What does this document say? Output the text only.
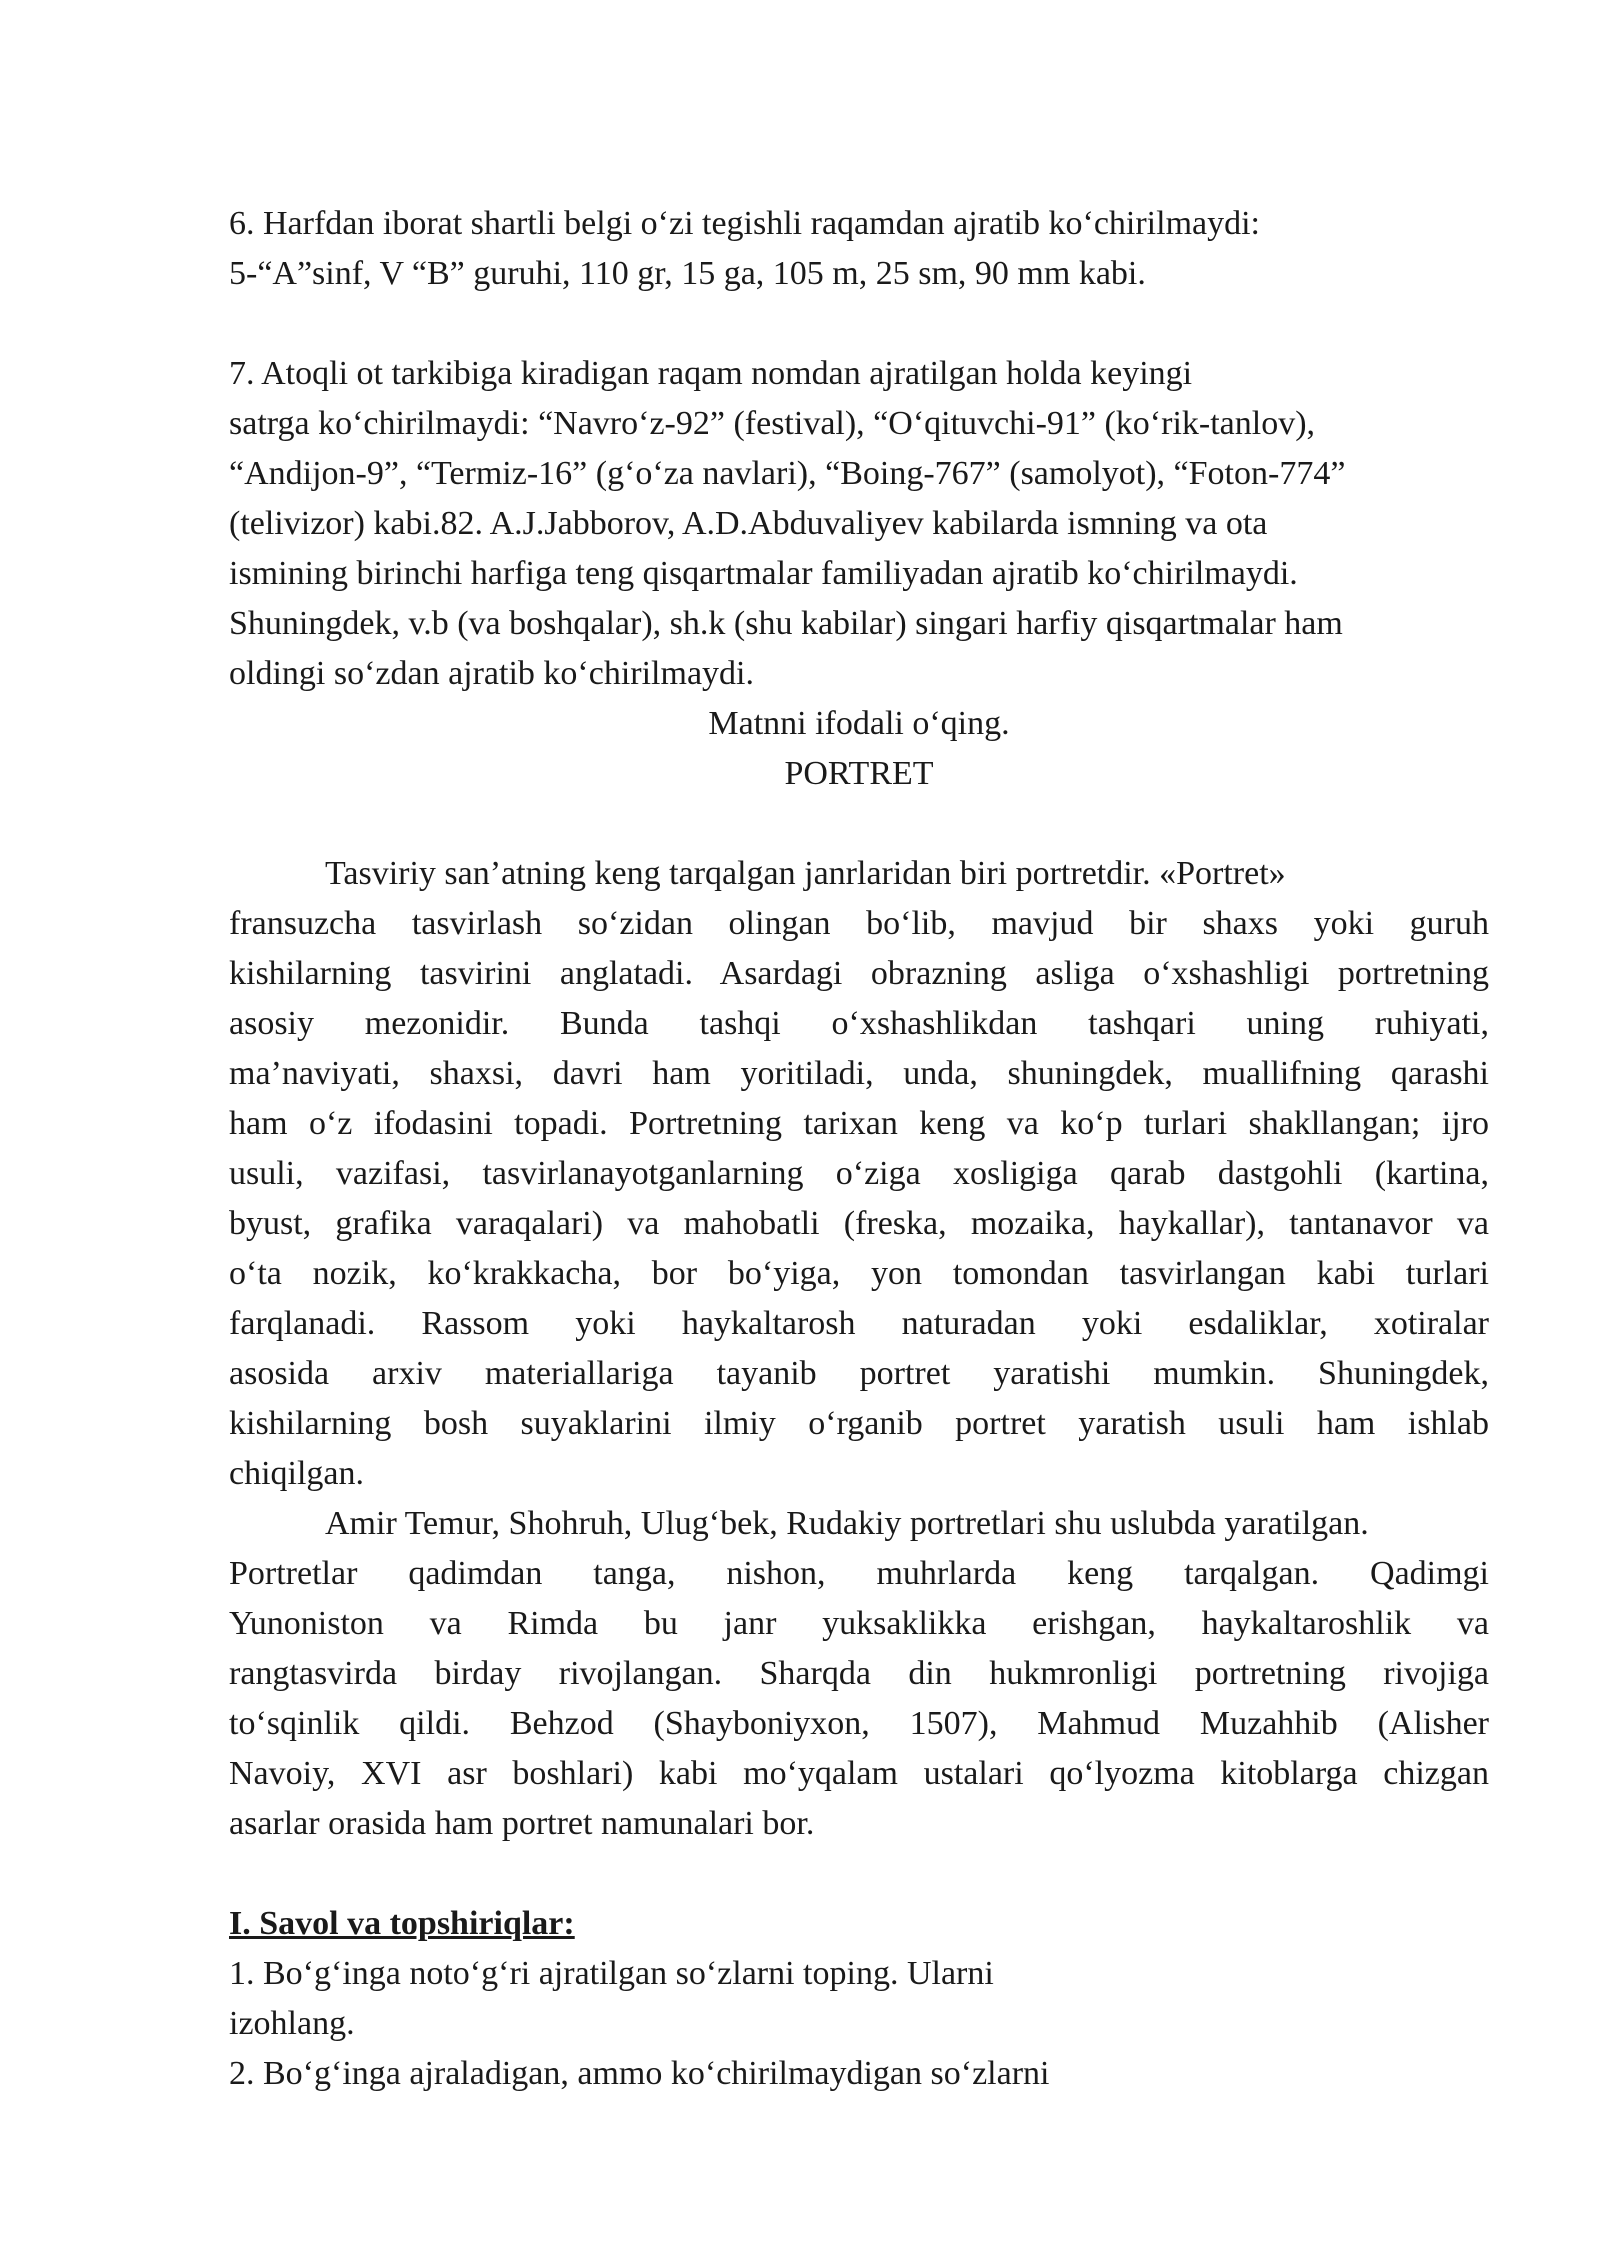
6. Harfdan iborat shartli belgi o‘zi tegishli raqamdan ajratib ko‘chirilmaydi:
5-“A”sinf, V “B” guruhi, 110 gr, 15 ga, 105 m, 25 sm, 90 mm kabi.
7. Atoqli ot tarkibiga kiradigan raqam nomdan ajratilgan holda keyingi
satrga ko‘chirilmaydi: “Navro‘z-92” (festival), “O‘qituvchi-91” (ko‘rik-tanlov),
“Andijon-9”, “Termiz-16” (g‘o‘za navlari), “Boing-767” (samolyot), “Foton-774”
(telivizor) kabi.82. A.J.Jabborov, A.D.Abduvaliyev kabilarda ismning va ota
ismining birinchi harfiga teng qisqartmalar familiyadan ajratib ko‘chirilmaydi.
Shuningdek, v.b (va boshqalar), sh.k (shu kabilar) singari harfiy qisqartmalar ham
oldingi so‘zdan ajratib ko‘chirilmaydi.
Matnni ifodali o‘qing.
PORTRET
Tasviriy san’atning keng tarqalgan janrlaridan biri portretdir. «Portret»
fransuzcha tasvirlash so‘zidan olingan bo‘lib, mavjud bir shaxs yoki guruh
kishilarning tasvirini anglatadi. Asardagi obrazning asliga o‘xshashligi portretning
asosiy mezonidir. Bunda tashqi o‘xshashlikdan tashqari uning ruhiyati,
ma’naviyati, shaxsi, davri ham yoritiladi, unda, shuningdek, muallifning qarashi
ham o‘z ifodasini topadi. Portretning tarixan keng va ko‘p turlari shakllangan; ijro
usuli, vazifasi, tasvirlanayotganlarning o‘ziga xosligiga qarab dastgohli (kartina,
byust, grafika varaqalari) va mahobatli (freska, mozaika, haykallar), tantanavor va
o‘ta nozik, ko‘krakkacha, bor bo‘yiga, yon tomondan tasvirlangan kabi turlari
farqlanadi. Rassom yoki haykaltarosh naturadan yoki esdaliklar, xotiralar
asosida arxiv materiallariga tayanib portret yaratishi mumkin. Shuningdek,
kishilarning bosh suyaklarini ilmiy o‘rganib portret yaratish usuli ham ishlab
chiqilgan.
Amir Temur, Shohruh, Ulug‘bek, Rudakiy portretlari shu uslubda yaratilgan.
Portretlar qadimdan tanga, nishon, muhrlarda keng tarqalgan. Qadimgi
Yunoniston va Rimda bu janr yuksaklikka erishgan, haykaltaroshlik va
rangtasvirda birday rivojlangan. Sharqda din hukmronligi portretning rivojiga
to‘sqinlik qildi. Behzod (Shayboniyxon, 1507), Mahmud Muzahhib (Alisher
Navoiy, XVI asr boshlari) kabi mo‘yqalam ustalari qo‘lyozma kitoblarga chizgan
asarlar orasida ham portret namunalari bor.
I. Savol va topshiriqlar:
1. Bo‘g‘inga noto‘g‘ri ajratilgan so‘zlarni toping. Ularni
izohlang.
2. Bo‘g‘inga ajraladigan, ammo ko‘chirilmaydigan so‘zlarni
